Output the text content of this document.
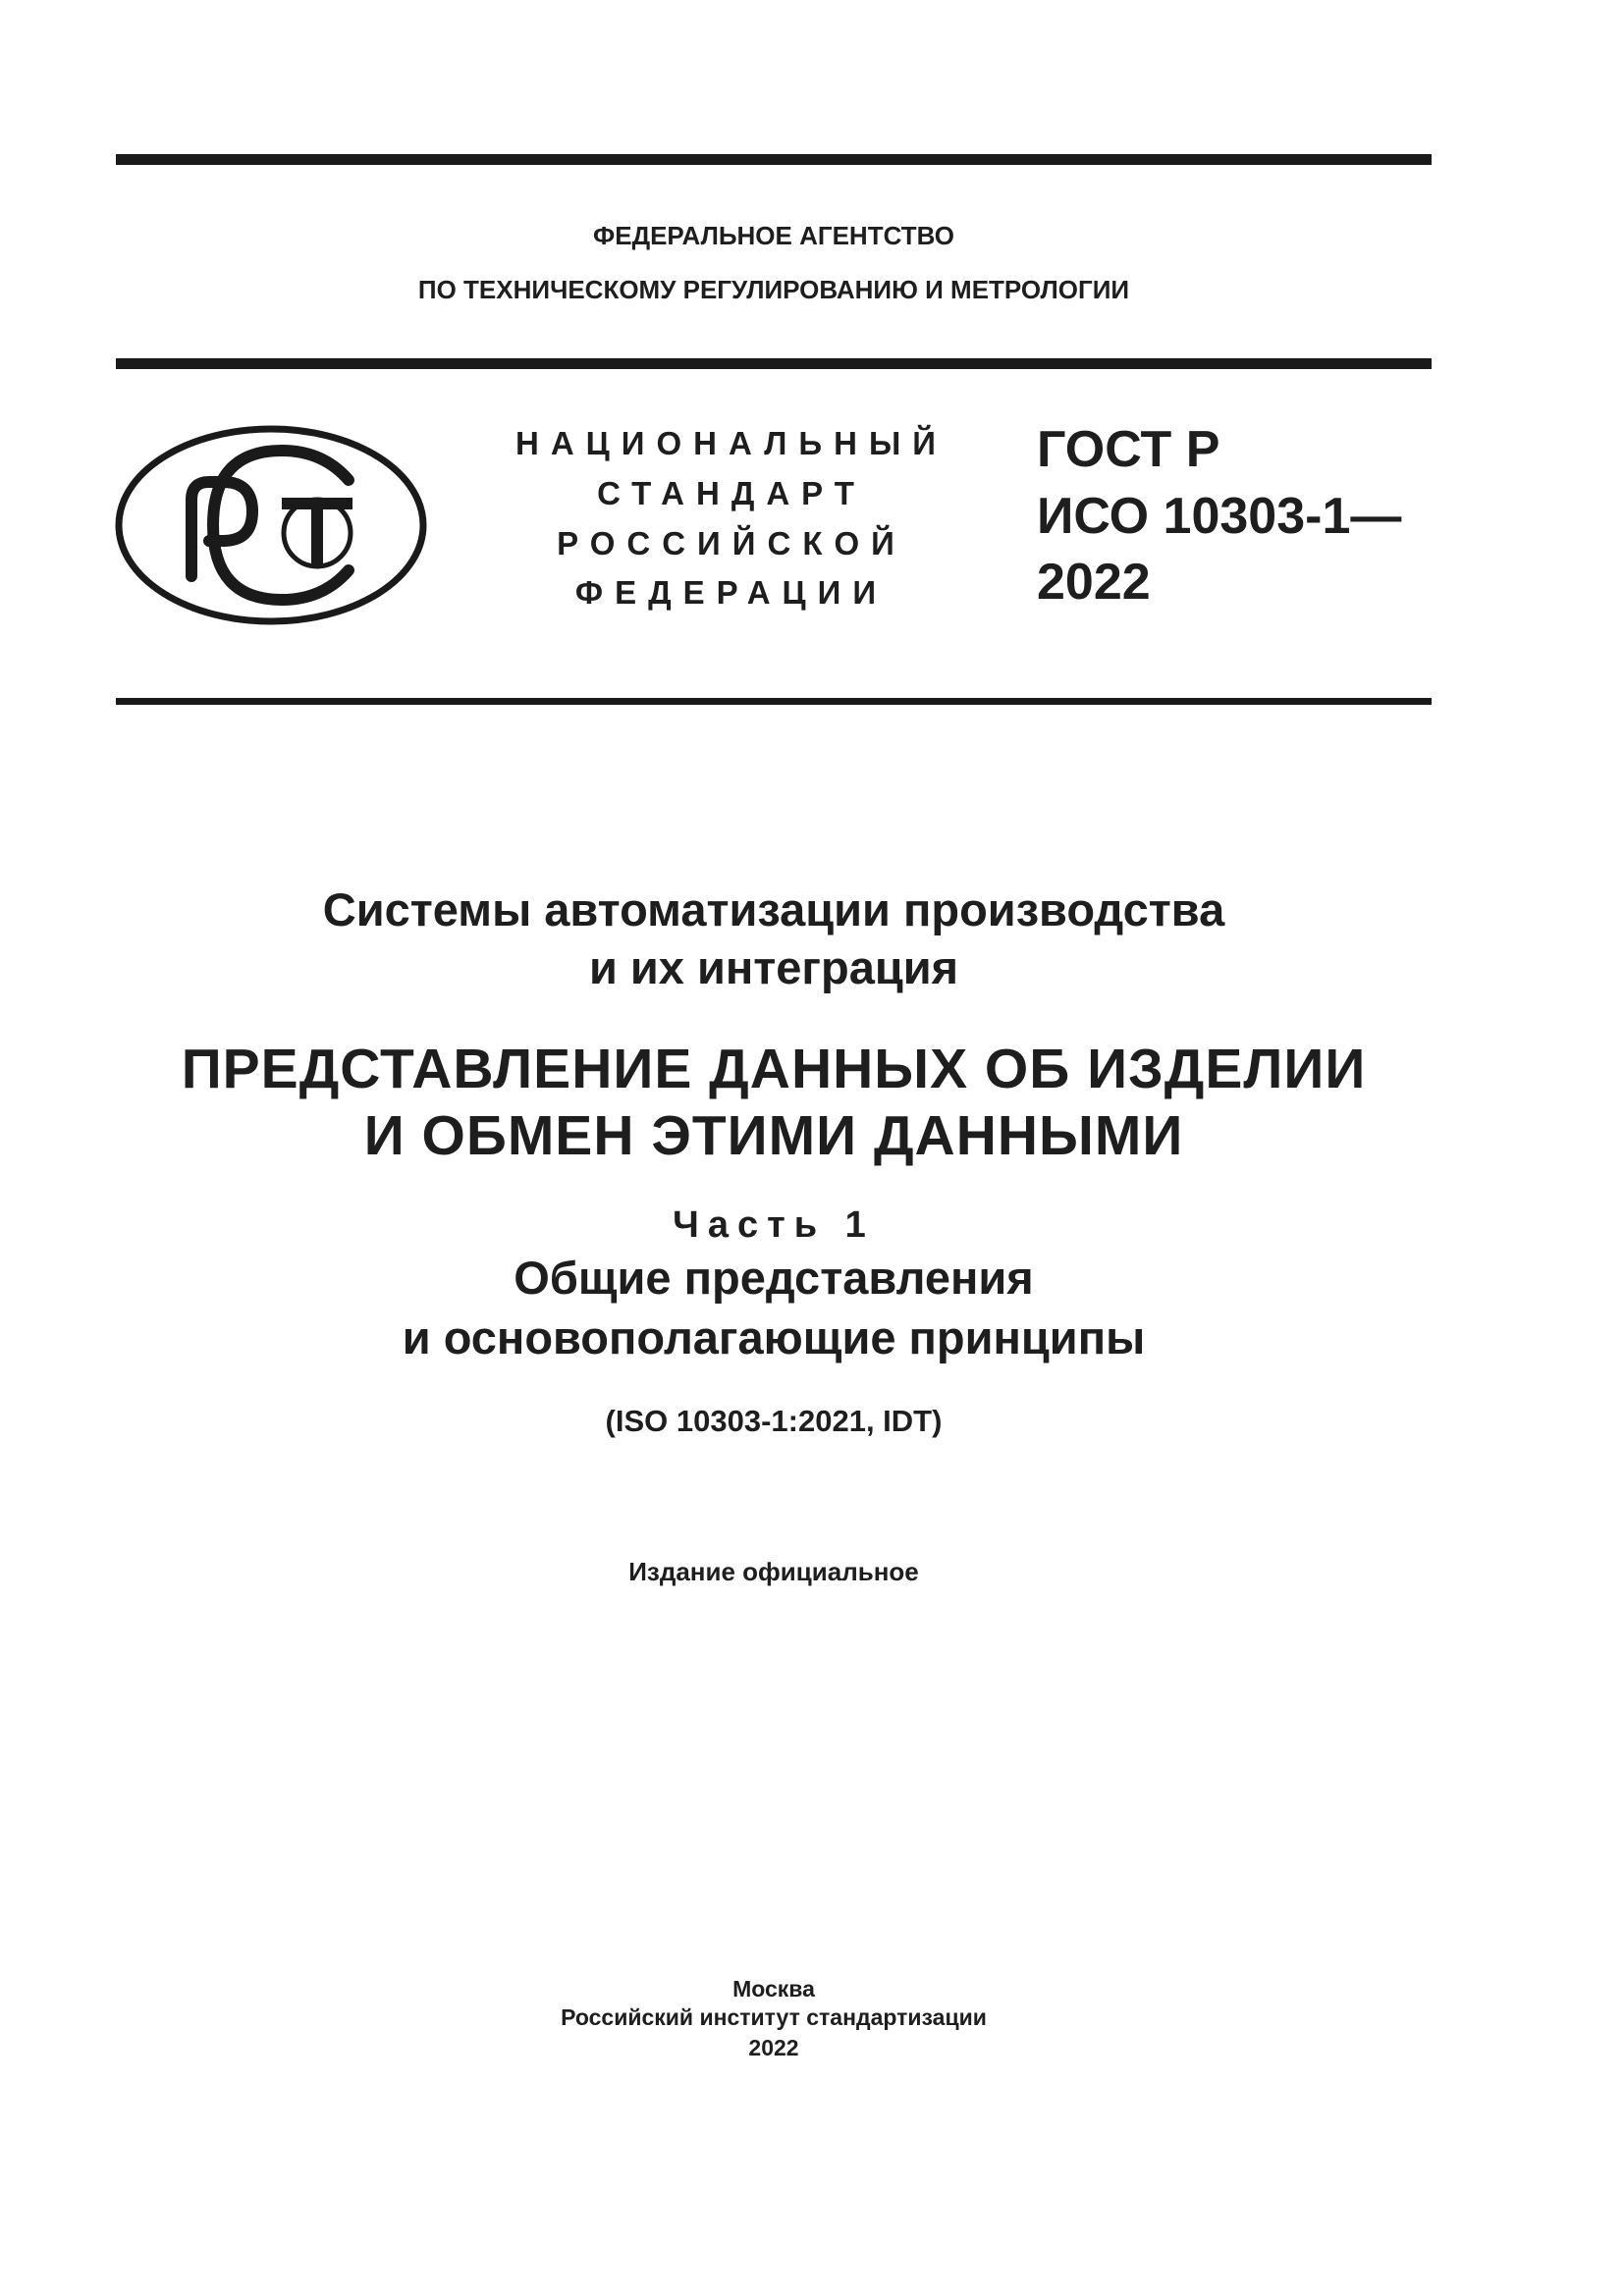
ФЕДЕРАЛЬНОЕ АГЕНТСТВО
ПО ТЕХНИЧЕСКОМУ РЕГУЛИРОВАНИЮ И МЕТРОЛОГИИ
НАЦИОНАЛЬНЫЙ
СТАНДАРТ
РОССИЙСКОЙ
ФЕДЕРАЦИИ
ГОСТ Р
ИСО 10303-1—
2022
Системы автоматизации производства
и их интеграция
ПРЕДСТАВЛЕНИЕ ДАННЫХ ОБ ИЗДЕЛИИ
И ОБМЕН ЭТИМИ ДАННЫМИ
Часть 1
Общие представления
и основополагающие принципы
(ISO 10303-1:2021, IDT)
Издание официальное
Москва
Российский институт стандартизации
2022
